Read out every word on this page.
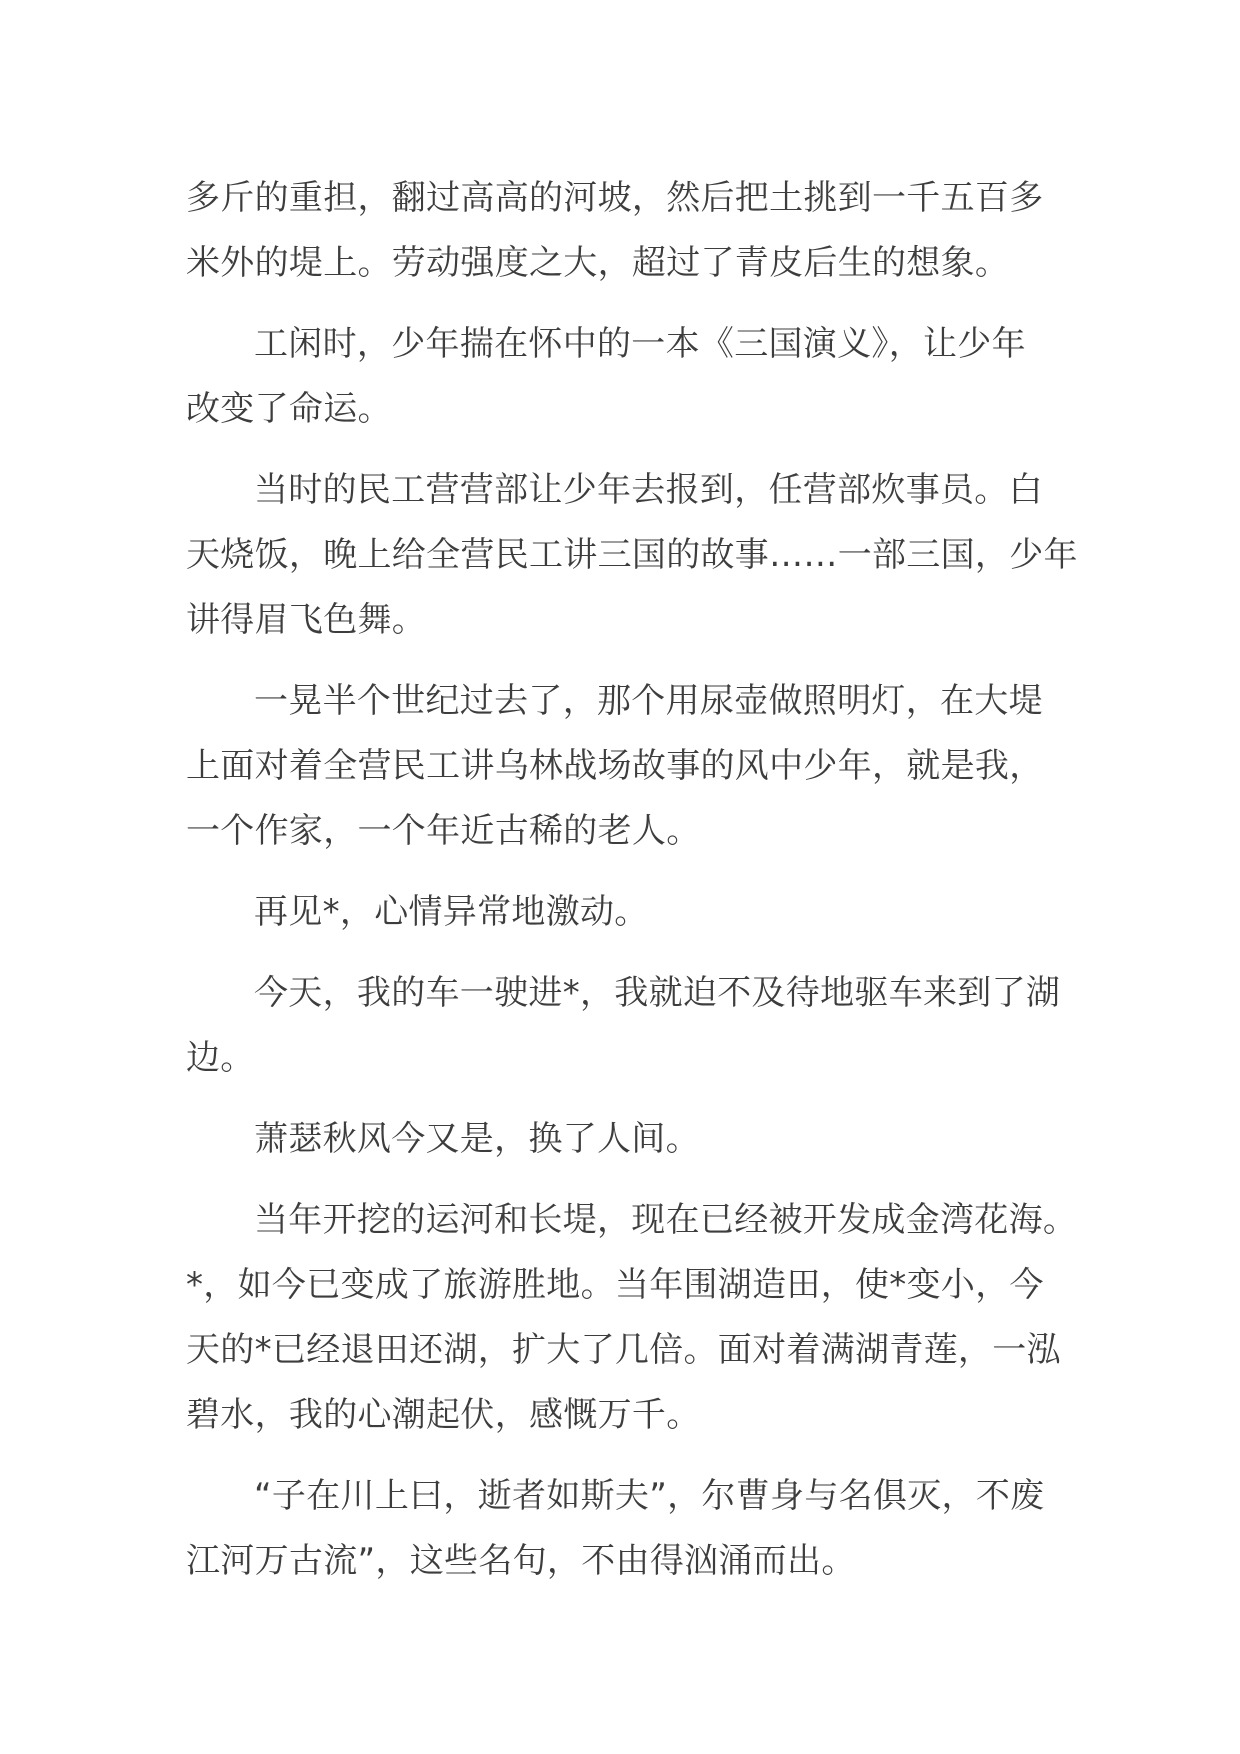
多斤的重担，翻过高高的河坡，然后把土挑到一千五百多
米外的堤上。劳动强度之大，超过了青皮后生的想象。

工闲时，少年揣在怀中的一本《三国演义》，让少年
改变了命运。

当时的民工营营部让少年去报到，任营部炊事员。白
天烧饭，晚上给全营民工讲三国的故事……一部三国，少年
讲得眉飞色舞。

一晃半个世纪过去了，那个用尿壶做照明灯，在大堤
上面对着全营民工讲乌林战场故事的风中少年，就是我，
一个作家，一个年近古稀的老人。

再见*，心情异常地激动。

今天，我的车一驶进*，我就迫不及待地驱车来到了湖
边。

萧瑟秋风今又是，换了人间。

当年开挖的运河和长堤，现在已经被开发成金湾花海。
*，如今已变成了旅游胜地。当年围湖造田，使*变小，今
天的*已经退田还湖，扩大了几倍。面对着满湖青莲，一泓
碧水，我的心潮起伏，感慨万千。

“子在川上曰，逝者如斯夫”，尔曹身与名俱灭，不废
江河万古流”，这些名句，不由得汹涌而出。
